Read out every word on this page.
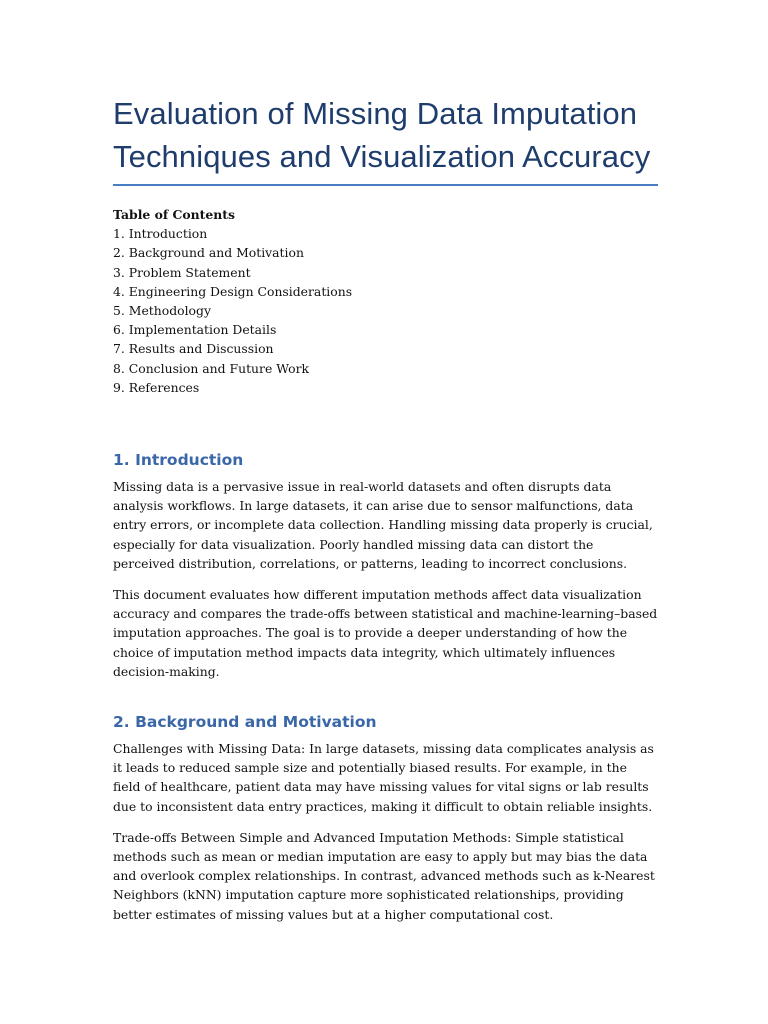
Evaluation of Missing Data Imputation Techniques and Visualization Accuracy
Table of Contents
1. Introduction
2. Background and Motivation
3. Problem Statement
4. Engineering Design Considerations
5. Methodology
6. Implementation Details
7. Results and Discussion
8. Conclusion and Future Work
9. References
1. Introduction

Missing data is a pervasive issue in real-world datasets and often disrupts data analysis workflows. In large datasets, it can arise due to sensor malfunctions, data entry errors, or incomplete data collection. Handling missing data properly is crucial, especially for data visualization. Poorly handled missing data can distort the perceived distribution, correlations, or patterns, leading to incorrect conclusions.

This document evaluates how different imputation methods affect data visualization accuracy and compares the trade-offs between statistical and machine-learning–based imputation approaches. The goal is to provide a deeper understanding of how the choice of imputation method impacts data integrity, which ultimately influences decision-making.

2. Background and Motivation

Challenges with Missing Data: In large datasets, missing data complicates analysis as it leads to reduced sample size and potentially biased results. For example, in the field of healthcare, patient data may have missing values for vital signs or lab results due to inconsistent data entry practices, making it difficult to obtain reliable insights.

Trade-offs Between Simple and Advanced Imputation Methods: Simple statistical methods such as mean or median imputation are easy to apply but may bias the data and overlook complex relationships. In contrast, advanced methods such as k-Nearest Neighbors (kNN) imputation capture more sophisticated relationships, providing better estimates of missing values but at a higher computational cost.
